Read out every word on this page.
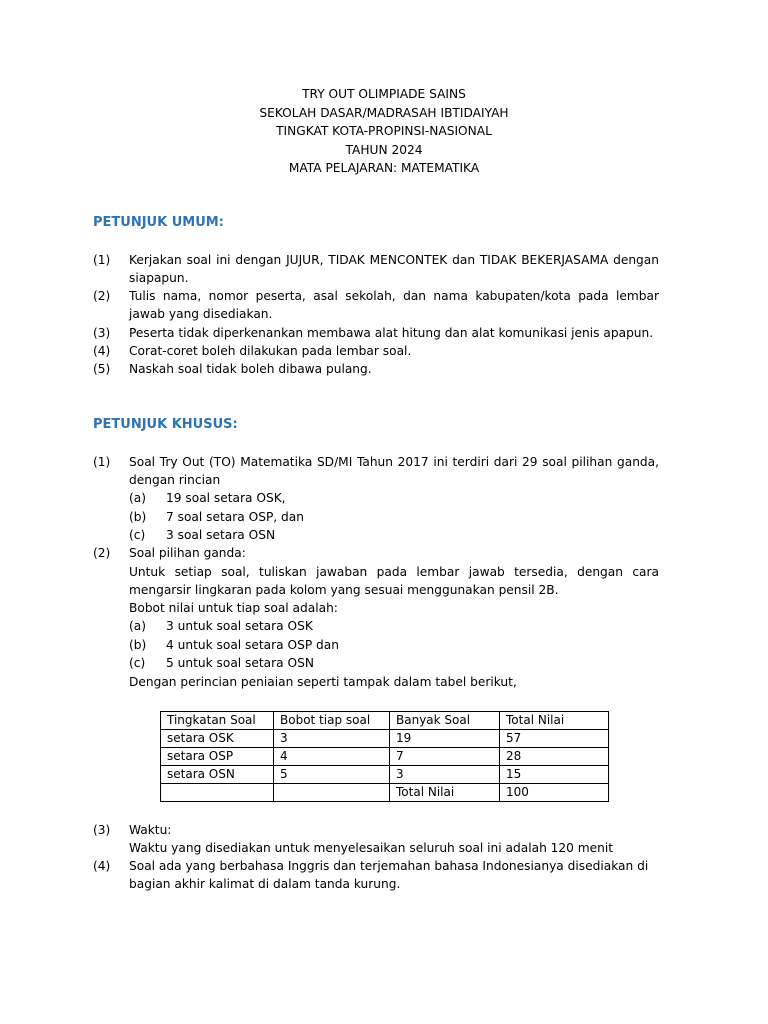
TRY OUT OLIMPIADE SAINS
SEKOLAH DASAR/MADRASAH IBTIDAIYAH
TINGKAT KOTA-PROPINSI-NASIONAL
TAHUN 2024
MATA PELAJARAN: MATEMATIKA
PETUNJUK UMUM:
(1) Kerjakan soal ini dengan JUJUR, TIDAK MENCONTEK dan TIDAK BEKERJASAMA dengan siapapun.
(2) Tulis nama, nomor peserta, asal sekolah, dan nama kabupaten/kota pada lembar jawab yang disediakan.
(3) Peserta tidak diperkenankan membawa alat hitung dan alat komunikasi jenis apapun.
(4) Corat-coret boleh dilakukan pada lembar soal.
(5) Naskah soal tidak boleh dibawa pulang.
PETUNJUK KHUSUS:
(1) Soal Try Out (TO) Matematika SD/MI Tahun 2017 ini terdiri dari 29 soal pilihan ganda, dengan rincian
(a) 19 soal setara OSK,
(b) 7 soal setara OSP, dan
(c) 3 soal setara OSN
(2) Soal pilihan ganda:
Untuk setiap soal, tuliskan jawaban pada lembar jawab tersedia, dengan cara mengarsir lingkaran pada kolom yang sesuai menggunakan pensil 2B.
Bobot nilai untuk tiap soal adalah:
(a) 3 untuk soal setara OSK
(b) 4 untuk soal setara OSP dan
(c) 5 untuk soal setara OSN
Dengan perincian peniaian seperti tampak dalam tabel berikut,
Tingkatan Soal	Bobot tiap soal	Banyak Soal	Total Nilai
setara OSK	3	19	57
setara OSP	4	7	28
setara OSN	5	3	15
		Total Nilai	100
(3) Waktu:
Waktu yang disediakan untuk menyelesaikan seluruh soal ini adalah 120 menit
(4) Soal ada yang berbahasa Inggris dan terjemahan bahasa Indonesianya disediakan di bagian akhir kalimat di dalam tanda kurung.
